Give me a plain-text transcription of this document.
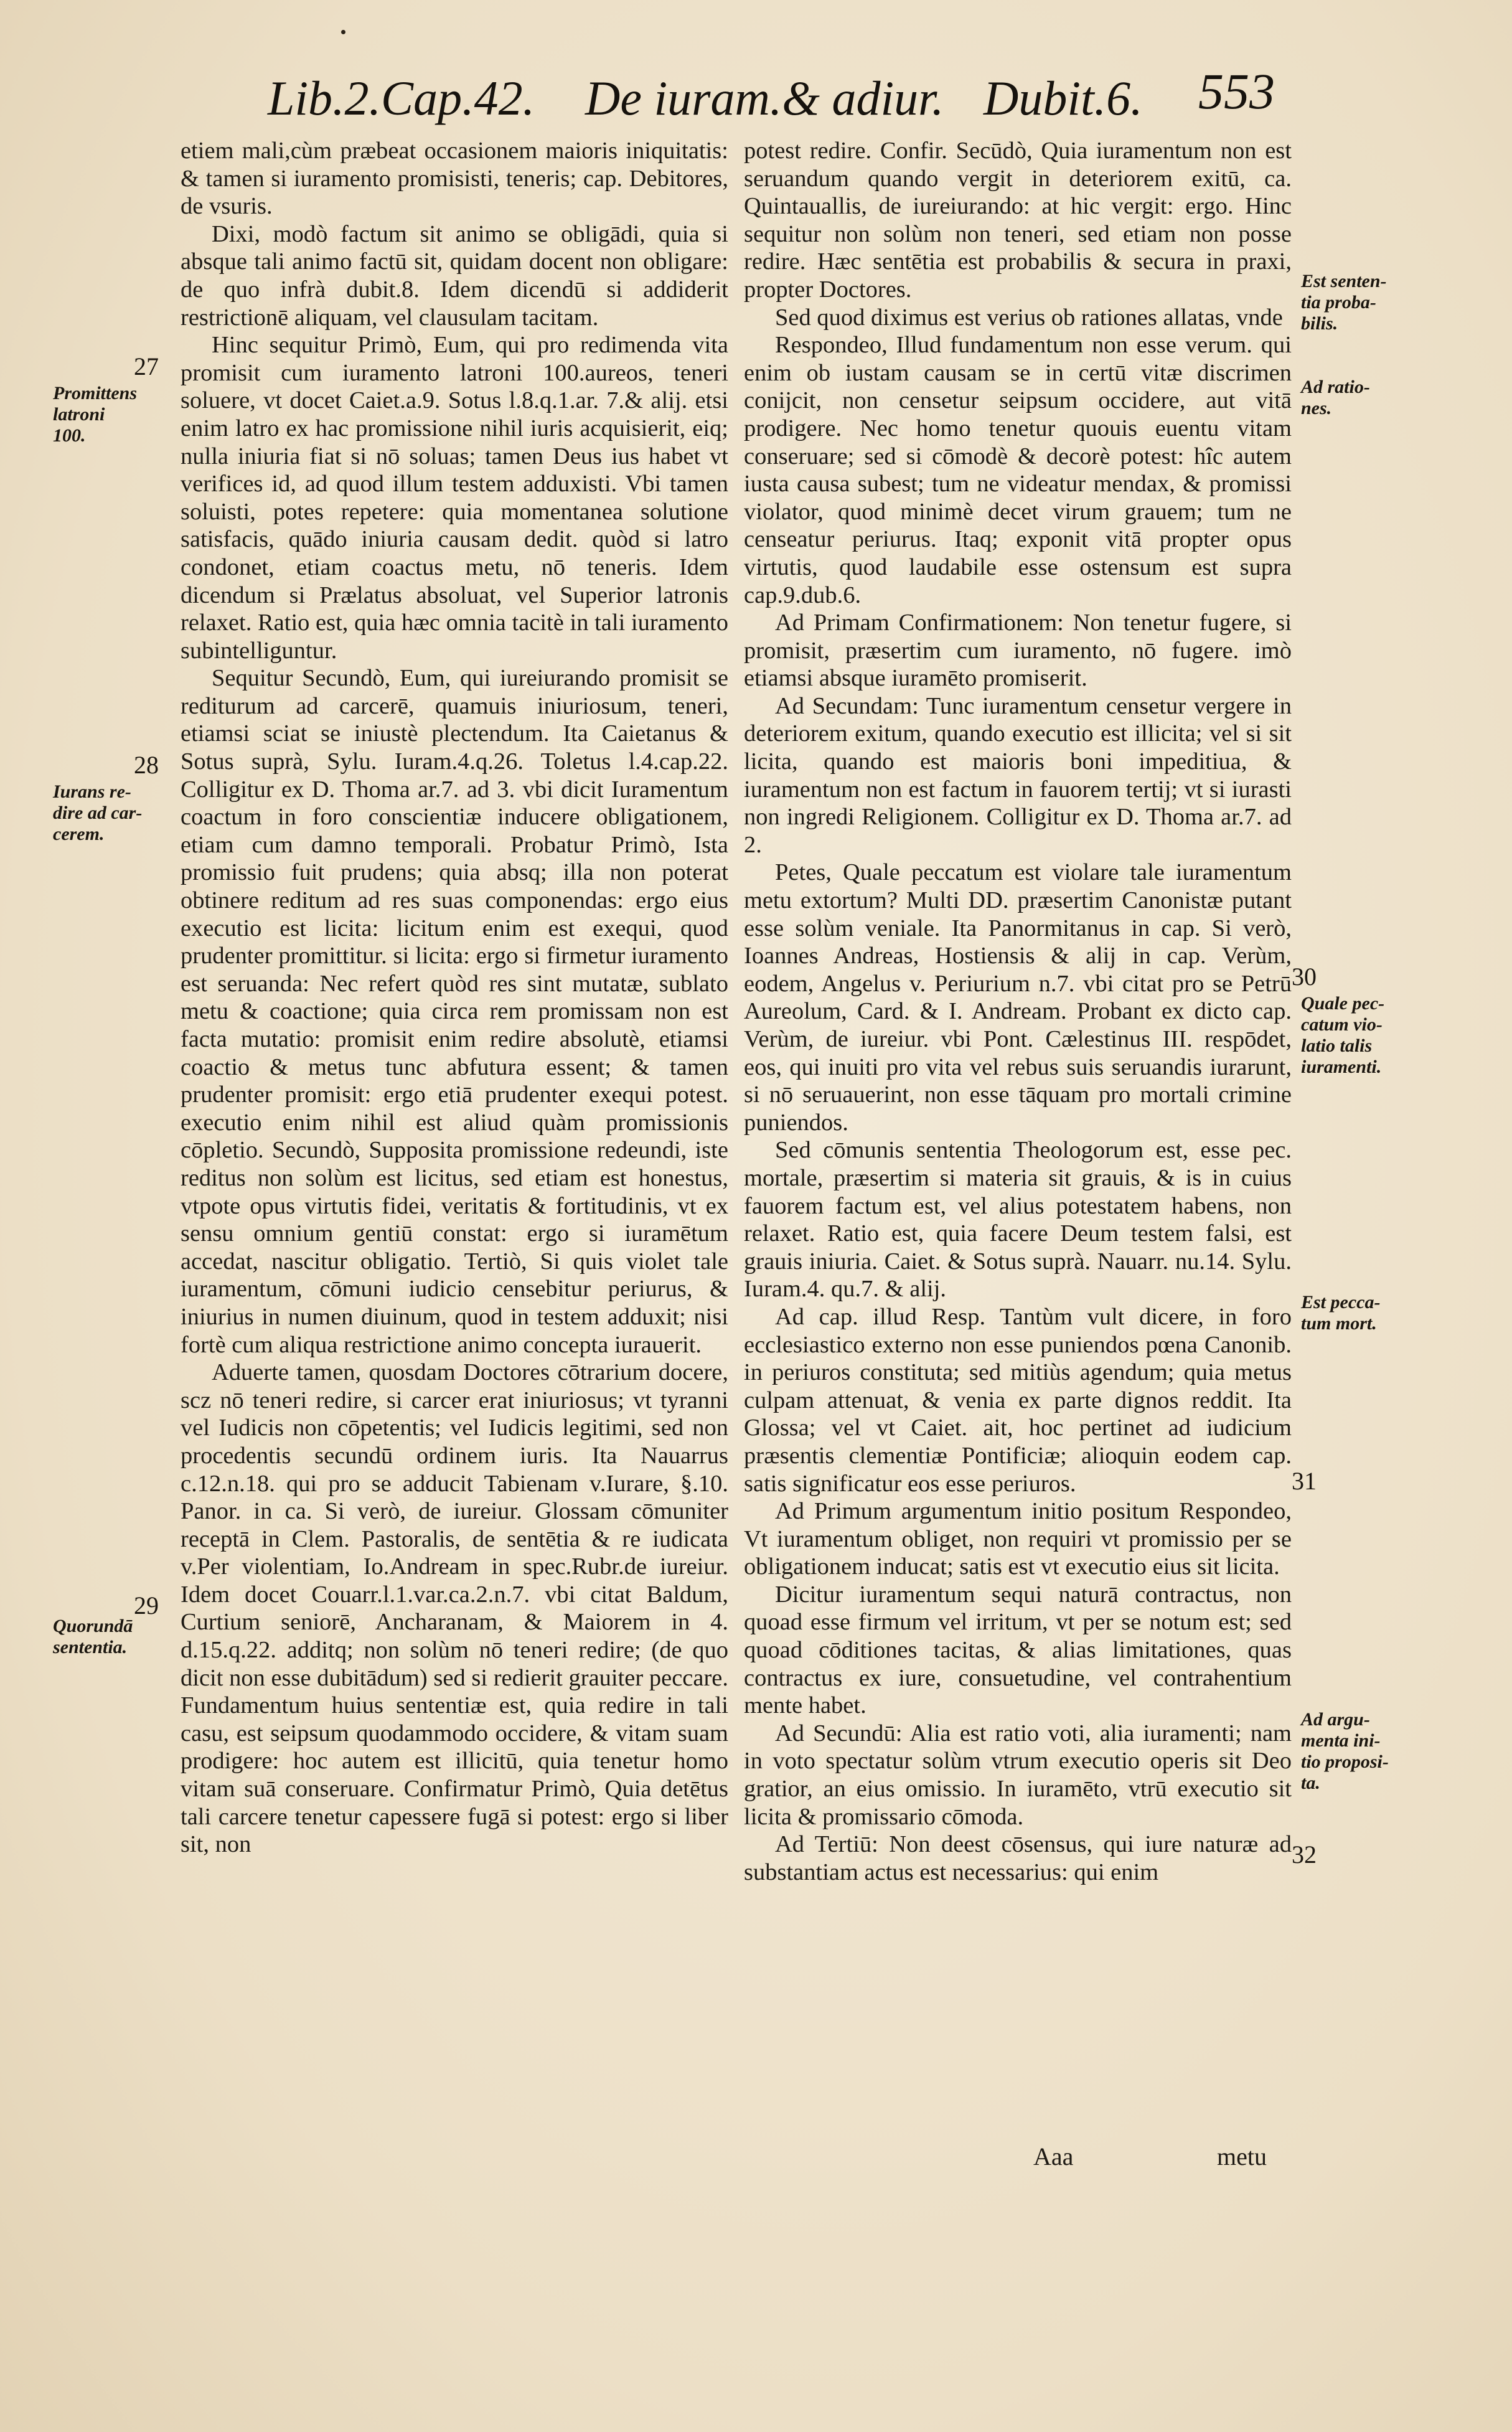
Lib.2.Cap.42. De iuram.& adiur. Dubit.6. 553

etiem mali,cùm præbeat occasionem maioris iniquitatis: & tamen si iuramento promisisti, teneris; cap. Debitores, de vsuris.

Dixi, modò factum sit animo se obligādi, quia si absque tali animo factū sit, quidam docent non obligare: de quo infrà dubit.8. Idem dicendū si addiderit restrictionē aliquam, vel clausulam tacitam.

Hinc sequitur Primò, Eum, qui pro redimenda vita promisit cum iuramento latroni 100.aureos, teneri soluere, vt docet Caiet.a.9. Sotus l.8.q.1.ar. 7.& alij. etsi enim latro ex hac promissione nihil iuris acquisierit, eiq; nulla iniuria fiat si nō soluas; tamen Deus ius habet vt verifices id, ad quod illum testem adduxisti. Vbi tamen soluisti, potes repetere: quia momentanea solutione satisfacis, quādo iniuria causam dedit. quòd si latro condonet, etiam coactus metu, nō teneris. Idem dicendum si Prælatus absoluat, vel Superior latronis relaxet. Ratio est, quia hæc omnia tacitè in tali iuramento subintelliguntur.

Sequitur Secundò, Eum, qui iureiurando promisit se rediturum ad carcerē, quamuis iniuriosum, teneri, etiamsi sciat se iniustè plectendum. Ita Caietanus & Sotus suprà, Sylu. Iuram.4.q.26. Toletus l.4.cap.22. Colligitur ex D. Thoma ar.7. ad 3. vbi dicit Iuramentum coactum in foro conscientiæ inducere obligationem, etiam cum damno temporali. Probatur Primò, Ista promissio fuit prudens; quia absq; illa non poterat obtinere reditum ad res suas componendas: ergo eius executio est licita: licitum enim est exequi, quod prudenter promittitur. si licita: ergo si firmetur iuramento est seruanda: Nec refert quòd res sint mutatæ, sublato metu & coactione; quia circa rem promissam non est facta mutatio: promisit enim redire absolutè, etiamsi coactio & metus tunc abfutura essent; & tamen prudenter promisit: ergo etiā prudenter exequi potest. executio enim nihil est aliud quàm promissionis cōpletio. Secundò, Supposita promissione redeundi, iste reditus non solùm est licitus, sed etiam est honestus, vtpote opus virtutis fidei, veritatis & fortitudinis, vt ex sensu omnium gentiū constat: ergo si iuramētum accedat, nascitur obligatio. Tertiò, Si quis violet tale iuramentum, cōmuni iudicio censebitur periurus, & iniurius in numen diuinum, quod in testem adduxit; nisi fortè cum aliqua restrictione animo concepta iurauerit.

Aduerte tamen, quosdam Doctores cōtrarium docere, scz nō teneri redire, si carcer erat iniuriosus; vt tyranni vel Iudicis non cōpetentis; vel Iudicis legitimi, sed non procedentis secundū ordinem iuris. Ita Nauarrus c.12.n.18. qui pro se adducit Tabienam v.Iurare, §.10. Panor. in ca. Si verò, de iureiur. Glossam cōmuniter receptā in Clem. Pastoralis, de sentētia & re iudicata v.Per violentiam, Io.Andream in spec.Rubr.de iureiur. Idem docet Couarr.l.1.var.ca.2.n.7. vbi citat Baldum, Curtium seniorē, Ancharanam, & Maiorem in 4. d.15.q.22. additq; non solùm nō teneri redire; (de quo dicit non esse dubitādum) sed si redierit grauiter peccare. Fundamentum huius sententiæ est, quia redire in tali casu, est seipsum quodammodo occidere, & vitam suam prodigere: hoc autem est illicitū, quia tenetur homo vitam suā conseruare. Confirmatur Primò, Quia detētus tali carcere tenetur capessere fugā si potest: ergo si liber sit, non

potest redire. Confir. Secūdò, Quia iuramentum non est seruandum quando vergit in deteriorem exitū, ca. Quintauallis, de iureiurando: at hic vergit: ergo. Hinc sequitur non solùm non teneri, sed etiam non posse redire. Hæc sentētia est probabilis & secura in praxi, propter Doctores.

Sed quod diximus est verius ob rationes allatas, vnde

Respondeo, Illud fundamentum non esse verum. qui enim ob iustam causam se in certū vitæ discrimen conijcit, non censetur seipsum occidere, aut vitā prodigere. Nec homo tenetur quouis euentu vitam conseruare; sed si cōmodè & decorè potest: hîc autem iusta causa subest; tum ne videatur mendax, & promissi violator, quod minimè decet virum grauem; tum ne censeatur periurus. Itaq; exponit vitā propter opus virtutis, quod laudabile esse ostensum est supra cap.9.dub.6.

Ad Primam Confirmationem: Non tenetur fugere, si promisit, præsertim cum iuramento, nō fugere. imò etiamsi absque iuramēto promiserit.

Ad Secundam: Tunc iuramentum censetur vergere in deteriorem exitum, quando executio est illicita; vel si sit licita, quando est maioris boni impeditiua, & iuramentum non est factum in fauorem tertij; vt si iurasti non ingredi Religionem. Colligitur ex D. Thoma ar.7. ad 2.

Petes, Quale peccatum est violare tale iuramentum metu extortum? Multi DD. præsertim Canonistæ putant esse solùm veniale. Ita Panormitanus in cap. Si verò, Ioannes Andreas, Hostiensis & alij in cap. Verùm, eodem, Angelus v. Periurium n.7. vbi citat pro se Petrū Aureolum, Card. & I. Andream. Probant ex dicto cap. Verùm, de iureiur. vbi Pont. Cælestinus III. respōdet, eos, qui inuiti pro vita vel rebus suis seruandis iurarunt, si nō seruauerint, non esse tāquam pro mortali crimine puniendos.

Sed cōmunis sententia Theologorum est, esse pec. mortale, præsertim si materia sit grauis, & is in cuius fauorem factum est, vel alius potestatem habens, non relaxet. Ratio est, quia facere Deum testem falsi, est grauis iniuria. Caiet. & Sotus suprà. Nauarr. nu.14. Sylu. Iuram.4. qu.7. & alij.

Ad cap. illud Resp. Tantùm vult dicere, in foro ecclesiastico externo non esse puniendos pœna Canonib. in periuros constituta; sed mitiùs agendum; quia metus culpam attenuat, & venia ex parte dignos reddit. Ita Glossa; vel vt Caiet. ait, hoc pertinet ad iudicium præsentis clementiæ Pontificiæ; alioquin eodem cap. satis significatur eos esse periuros.

Ad Primum argumentum initio positum Respondeo, Vt iuramentum obliget, non requiri vt promissio per se obligationem inducat; satis est vt executio eius sit licita.

Dicitur iuramentum sequi naturā contractus, non quoad esse firmum vel irritum, vt per se notum est; sed quoad cōditiones tacitas, & alias limitationes, quas contractus ex iure, consuetudine, vel contrahentium mente habet.

Ad Secundū: Alia est ratio voti, alia iuramenti; nam in voto spectatur solùm vtrum executio operis sit Deo gratior, an eius omissio. In iuramēto, vtrū executio sit licita & promissario cōmoda.

Ad Tertiū: Non deest cōsensus, qui iure naturæ ad substantiam actus est necessarius: qui enim

27
Promittens
latroni
100.
28
Iurans re-
dire ad car-
cerem.
29
Quorundā
sententia.
Est senten-
tia proba-
bilis.
Ad ratio-
nes.
30
Quale pec-
catum vio-
latio talis
iuramenti.
Est pecca-
tum mort.
31
Ad argu-
menta ini-
tio proposi-
ta.
32
Aaa	metu
